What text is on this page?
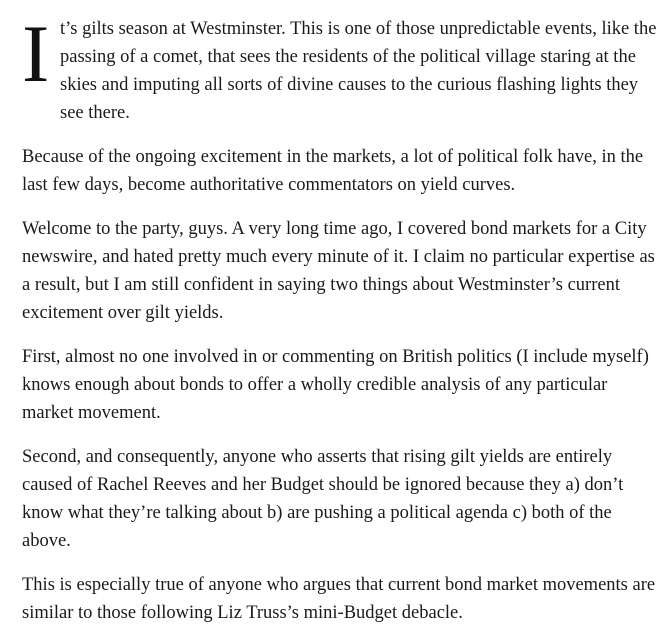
I t’s gilts season at Westminster. This is one of those unpredictable events, like the passing of a comet, that sees the residents of the political village staring at the skies and imputing all sorts of divine causes to the curious flashing lights they see there.

Because of the ongoing excitement in the markets, a lot of political folk have, in the last few days, become authoritative commentators on yield curves.

Welcome to the party, guys. A very long time ago, I covered bond markets for a City newswire, and hated pretty much every minute of it. I claim no particular expertise as a result, but I am still confident in saying two things about Westminster’s current excitement over gilt yields.

First, almost no one involved in or commenting on British politics (I include myself) knows enough about bonds to offer a wholly credible analysis of any particular market movement.

Second, and consequently, anyone who asserts that rising gilt yields are entirely caused of Rachel Reeves and her Budget should be ignored because they a) don’t know what they’re talking about b) are pushing a political agenda c) both of the above.

This is especially true of anyone who argues that current bond market movements are similar to those following Liz Truss’s mini-Budget debacle.
